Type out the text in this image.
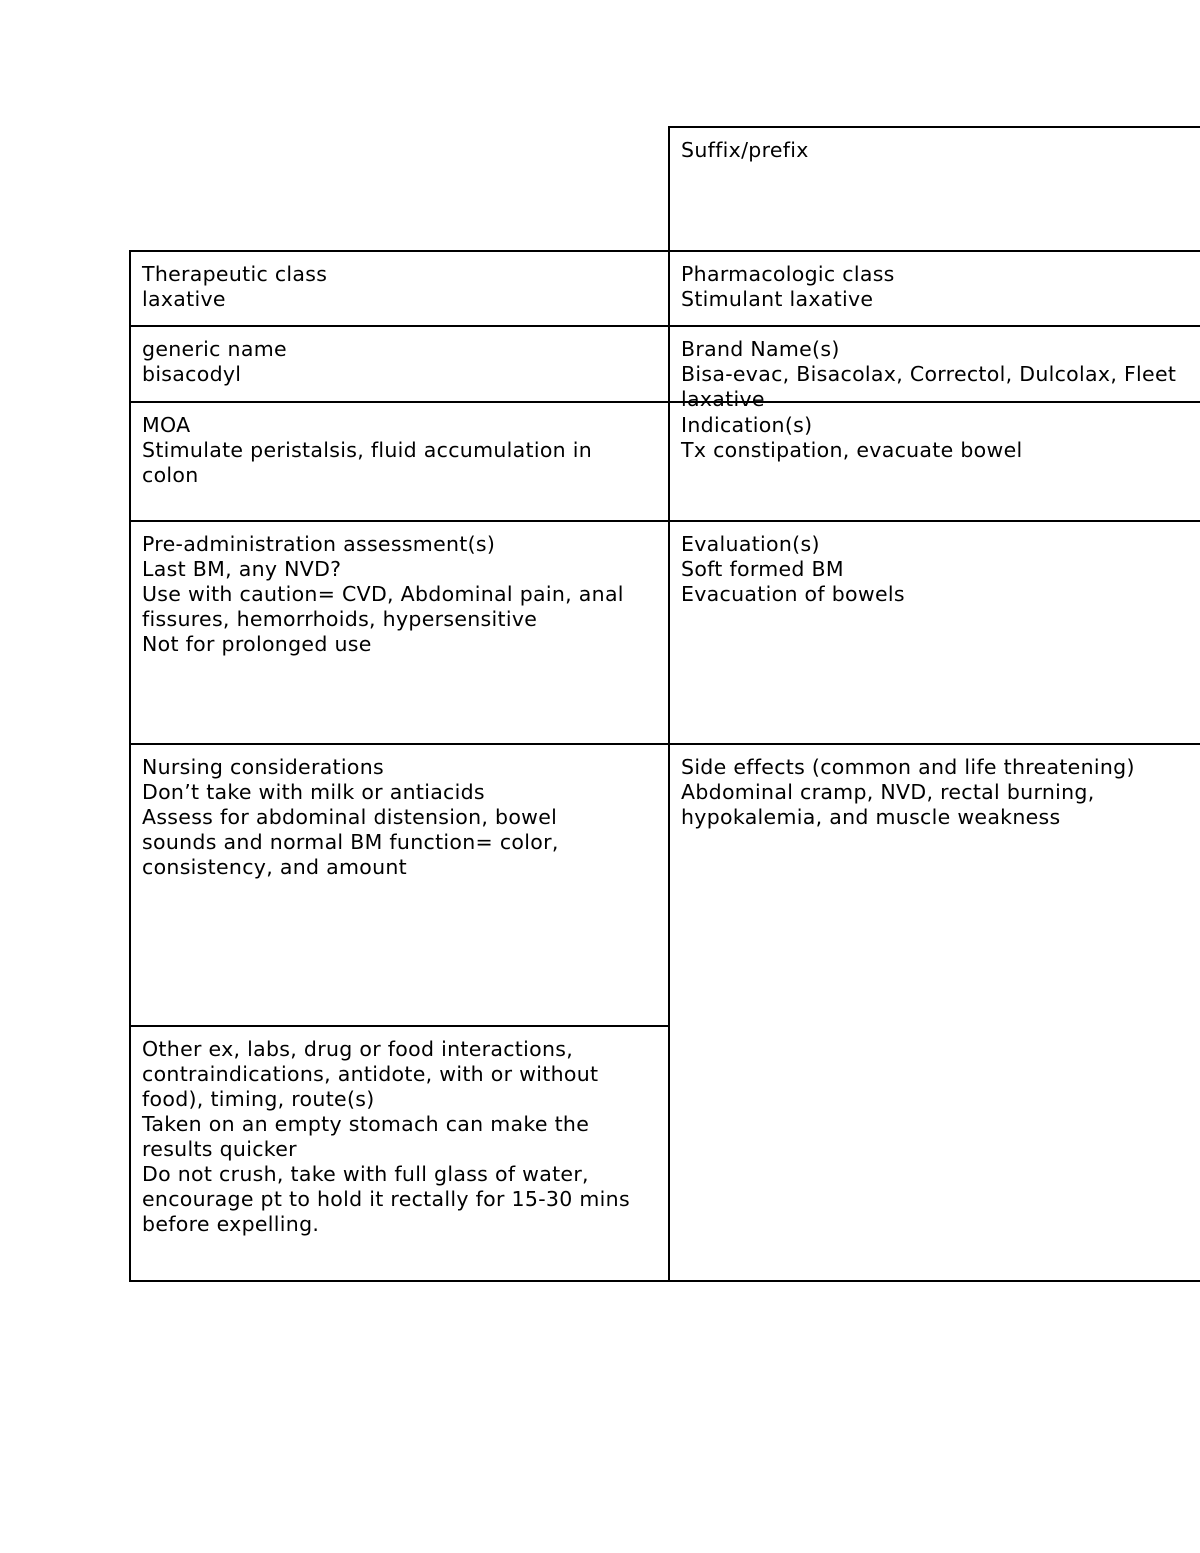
Suffix/prefix
Therapeutic class
laxative
Pharmacologic class
Stimulant laxative
generic name
bisacodyl
Brand Name(s)
Bisa-evac, Bisacolax, Correctol, Dulcolax, Fleet laxative
MOA
Stimulate peristalsis, fluid accumulation in colon
Indication(s)
Tx constipation, evacuate bowel
Pre-administration assessment(s)
Last BM, any NVD?
Use with caution= CVD, Abdominal pain, anal fissures, hemorrhoids, hypersensitive
Not for prolonged use
Evaluation(s)
Soft formed BM
Evacuation of bowels
Nursing considerations
Don’t take with milk or antiacids
Assess for abdominal distension, bowel sounds and normal BM function= color, consistency, and amount
Side effects (common and life threatening)
Abdominal cramp, NVD, rectal burning, hypokalemia, and muscle weakness
Other ex, labs, drug or food interactions, contraindications, antidote, with or without food), timing, route(s)
Taken on an empty stomach can make the results quicker
Do not crush, take with full glass of water, encourage pt to hold it rectally for 15-30 mins before expelling.
